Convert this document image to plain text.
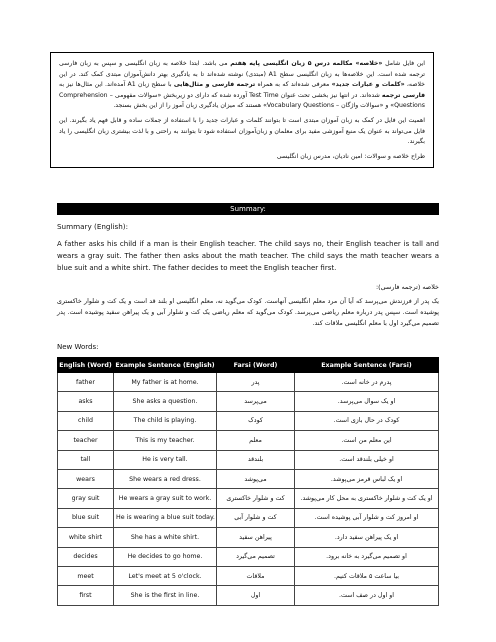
این فایل شامل «خلاصه» مکالمه درس ۵ زبان انگلیسی پایه هفتم می باشد. ابتدا خلاصه به زبان انگلیسی و سپس به زبان فارسی ترجمه شده است. این خلاصه‌ها به زبان انگلیسی سطح A1 (مبتدی) نوشته شده‌اند تا به یادگیری بهتر دانش‌آموزان مبتدی کمک کند. در این خلاصه، «کلمات و عبارات جدید» معرفی شده‌اند که به همراه ترجمه فارسی و مثال‌هایی با سطح زبان A1 آمده‌اند. این مثال‌ها نیز به فارسی ترجمه شده‌اند. در انتها نیز بخشی تحت عنوان Test Time آورده شده که دارای دو زیربخش «سوالات مفهومی – Comprehension Questions» و «سوالات واژگان – Vocabulary Questions» هستند که میزان یادگیری زبان آموز را از این بخش بسنجد.

اهمیت این فایل در کمک به زبان آموزان مبتدی است تا بتوانند کلمات و عبارات جدید را با استفاده از جملات ساده و قابل فهم یاد بگیرند. این فایل می‌تواند به عنوان یک منبع آموزشی مفید برای معلمان و زبان‌آموزان استفاده شود تا بتوانند به راحتی و با لذت بیشتری زبان انگلیسی را یاد بگیرند.

طراح خلاصه و سوالات: امین نادیان، مدرس زبان انگلیسی

Summary:
Summary (English):
A father asks his child if a man is their English teacher. The child says no, their English teacher is tall and wears a gray suit. The father then asks about the math teacher. The child says the math teacher wears a blue suit and a white shirt. The father decides to meet the English teacher first.
خلاصه (ترجمه فارسی):
یک پدر از فرزندش می‌پرسد که آیا آن مرد معلم انگلیسی آنهاست. کودک می‌گوید نه، معلم انگلیسی او بلند قد است و یک کت و شلوار خاکستری پوشیده است. سپس پدر درباره معلم ریاضی می‌پرسد. کودک می‌گوید که معلم ریاضی یک کت و شلوار آبی و یک پیراهن سفید پوشیده است. پدر تصمیم می‌گیرد اول با معلم انگلیسی ملاقات کند.
New Words:
English (Word)	Example Sentence (English)	Farsi (Word)	Example Sentence (Farsi)
father	My father is at home.	پدر	پدرم در خانه است.
asks	She asks a question.	می‌پرسد	او یک سوال می‌پرسد.
child	The child is playing.	کودک	کودک در حال بازی است.
teacher	This is my teacher.	معلم	این معلم من است.
tall	He is very tall.	بلندقد	او خیلی بلندقد است.
wears	She wears a red dress.	می‌پوشد	او یک لباس قرمز می‌پوشد.
gray suit	He wears a gray suit to work.	کت و شلوار خاکستری	او یک کت و شلوار خاکستری به محل کار می‌پوشد.
blue suit	He is wearing a blue suit today.	کت و شلوار آبی	او امروز کت و شلوار آبی پوشیده است.
white shirt	She has a white shirt.	پیراهن سفید	او یک پیراهن سفید دارد.
decides	He decides to go home.	تصمیم می‌گیرد	او تصمیم می‌گیرد به خانه برود.
meet	Let's meet at 5 o'clock.	ملاقات	بیا ساعت ۵ ملاقات کنیم.
first	She is the first in line.	اول	او اول در صف است.
